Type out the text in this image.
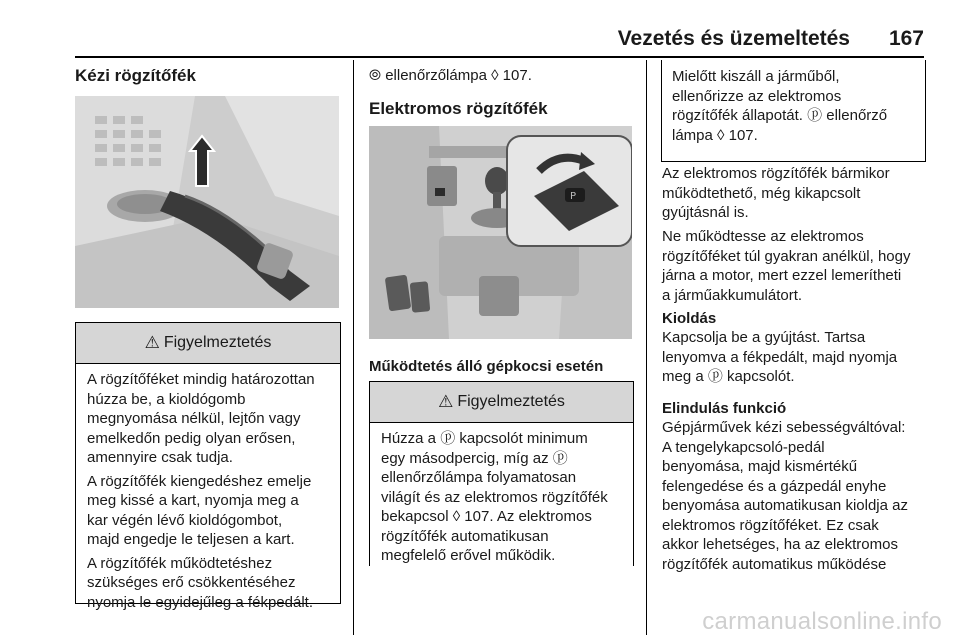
Vezetés és üzemeltetés 167
Kézi rögzítőfék
⚠ Figyelmeztetés
A rögzítőféket mindig határozottan
húzza be, a kioldógomb
megnyomása nélkül, lejtőn vagy
emelkedőn pedig olyan erősen,
amennyire csak tudja.
A rögzítőfék kiengedéshez emelje
meg kissé a kart, nyomja meg a
kar végén lévő kioldógombot,
majd engedje le teljesen a kart.
A rögzítőfék működtetéshez
szükséges erő csökkentéséhez
nyomja le egyidejűleg a fékpedált.
⦾ ellenőrzőlámpa ◊ 107.
Elektromos rögzítőfék
P
Működtetés álló gépkocsi esetén
⚠ Figyelmeztetés
Húzza a ⓟ kapcsolót minimum
egy másodpercig, míg az ⓟ
ellenőrzőlámpa folyamatosan
világít és az elektromos rögzítőfék
bekapcsol ◊ 107. Az elektromos
rögzítőfék automatikusan
megfelelő erővel működik.
Mielőtt kiszáll a járműből,
ellenőrizze az elektromos
rögzítőfék állapotát. ⓟ ellenőrző
lámpa ◊ 107.
Az elektromos rögzítőfék bármikor
működtethető, még kikapcsolt
gyújtásnál is.
Ne működtesse az elektromos
rögzítőféket túl gyakran anélkül, hogy
járna a motor, mert ezzel lemerítheti
a járműakkumulátort.
Kioldás
Kapcsolja be a gyújtást. Tartsa
lenyomva a fékpedált, majd nyomja
meg a ⓟ kapcsolót.
Elindulás funkció
Gépjárművek kézi sebességváltóval:
A tengelykapcsoló-pedál
benyomása, majd kismértékű
felengedése és a gázpedál enyhe
benyomása automatikusan kioldja az
elektromos rögzítőféket. Ez csak
akkor lehetséges, ha az elektromos
rögzítőfék automatikus működése
carmanualsonline.info
